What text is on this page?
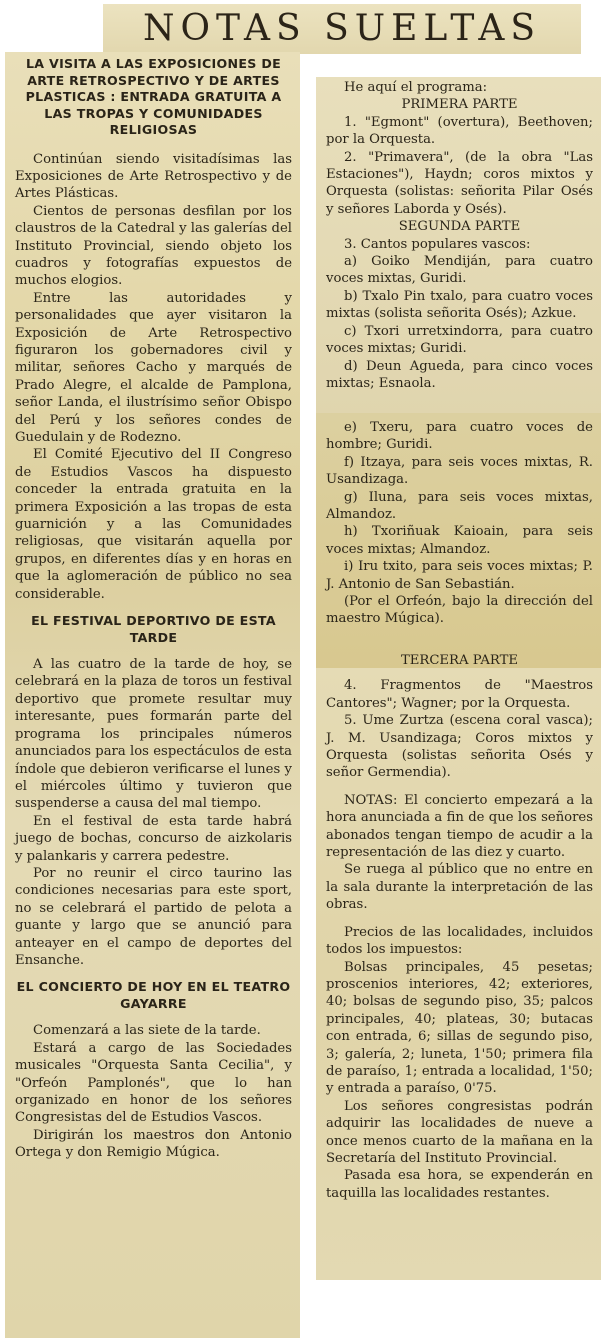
NOTAS SUELTAS

LA VISITA A LAS EXPOSICIONES DE ARTE RETROSPECTIVO Y DE ARTES PLASTICAS : ENTRADA GRATUITA A LAS TROPAS Y COMUNIDADES RELIGIOSAS

Continúan siendo visitadísimas las Exposiciones de Arte Retrospectivo y de Artes Plásticas.

Cientos de personas desfilan por los claustros de la Catedral y las galerías del Instituto Provincial, siendo objeto los cuadros y fotografías expuestos de muchos elogios.

Entre las autoridades y personalidades que ayer visitaron la Exposición de Arte Retrospectivo figuraron los gobernadores civil y militar, señores Cacho y marqués de Prado Alegre, el alcalde de Pamplona, señor Landa, el ilustrísimo señor Obispo del Perú y los señores condes de Guedulain y de Rodezno.

El Comité Ejecutivo del II Congreso de Estudios Vascos ha dispuesto conceder la entrada gratuita en la primera Exposición a las tropas de esta guarnición y a las Comunidades religiosas, que visitarán aquella por grupos, en diferentes días y en horas en que la aglomeración de público no sea considerable.

EL FESTIVAL DEPORTIVO DE ESTA TARDE

A las cuatro de la tarde de hoy, se celebrará en la plaza de toros un festival deportivo que promete resultar muy interesante, pues formarán parte del programa los principales números anunciados para los espectáculos de esta índole que debieron verificarse el lunes y el miércoles último y tuvieron que suspenderse a causa del mal tiempo.

En el festival de esta tarde habrá juego de bochas, concurso de aizkolaris y palankaris y carrera pedestre.

Por no reunir el circo taurino las condiciones necesarias para este sport, no se celebrará el partido de pelota a guante y largo que se anunció para anteayer en el campo de deportes del Ensanche.

EL CONCIERTO DE HOY EN EL TEATRO GAYARRE

Comenzará a las siete de la tarde.

Estará a cargo de las Sociedades musicales "Orquesta Santa Cecilia", y "Orfeón Pamplonés", que lo han organizado en honor de los señores Congresistas del de Estudios Vascos.

Dirigirán los maestros don Antonio Ortega y don Remigio Múgica.

He aquí el programa:

PRIMERA PARTE

1. "Egmont" (overtura), Beethoven; por la Orquesta.

2. "Primavera", (de la obra "Las Estaciones"), Haydn; coros mixtos y Orquesta (solistas: señorita Pilar Osés y señores Laborda y Osés).

SEGUNDA PARTE

3. Cantos populares vascos:

a) Goiko Mendiján, para cuatro voces mixtas, Guridi.

b) Txalo Pin txalo, para cuatro voces mixtas (solista señorita Osés); Azkue.

c) Txori urretxindorra, para cuatro voces mixtas; Guridi.

d) Deun Agueda, para cinco voces mixtas; Esnaola.

e) Txeru, para cuatro voces de hombre; Guridi.

f) Itzaya, para seis voces mixtas, R. Usandizaga.

g) Iluna, para seis voces mixtas, Almandoz.

h) Txoriñuak Kaioain, para seis voces mixtas; Almandoz.

i) Iru txito, para seis voces mixtas; P. J. Antonio de San Sebastián.

(Por el Orfeón, bajo la dirección del maestro Múgica).

TERCERA PARTE

4. Fragmentos de "Maestros Cantores"; Wagner; por la Orquesta.

5. Ume Zurtza (escena coral vasca); J. M. Usandizaga; Coros mixtos y Orquesta (solistas señorita Osés y señor Germendia).

NOTAS: El concierto empezará a la hora anunciada a fin de que los señores abonados tengan tiempo de acudir a la representación de las diez y cuarto.

Se ruega al público que no entre en la sala durante la interpretación de las obras.

Precios de las localidades, incluidos todos los impuestos:

Bolsas principales, 45 pesetas; proscenios interiores, 42; exteriores, 40; bolsas de segundo piso, 35; palcos principales, 40; plateas, 30; butacas con entrada, 6; sillas de segundo piso, 3; galería, 2; luneta, 1'50; primera fila de paraíso, 1; entrada a localidad, 1'50; y entrada a paraíso, 0'75.

Los señores congresistas podrán adquirir las localidades de nueve a once menos cuarto de la mañana en la Secretaría del Instituto Provincial.

Pasada esa hora, se expenderán en taquilla las localidades restantes.
